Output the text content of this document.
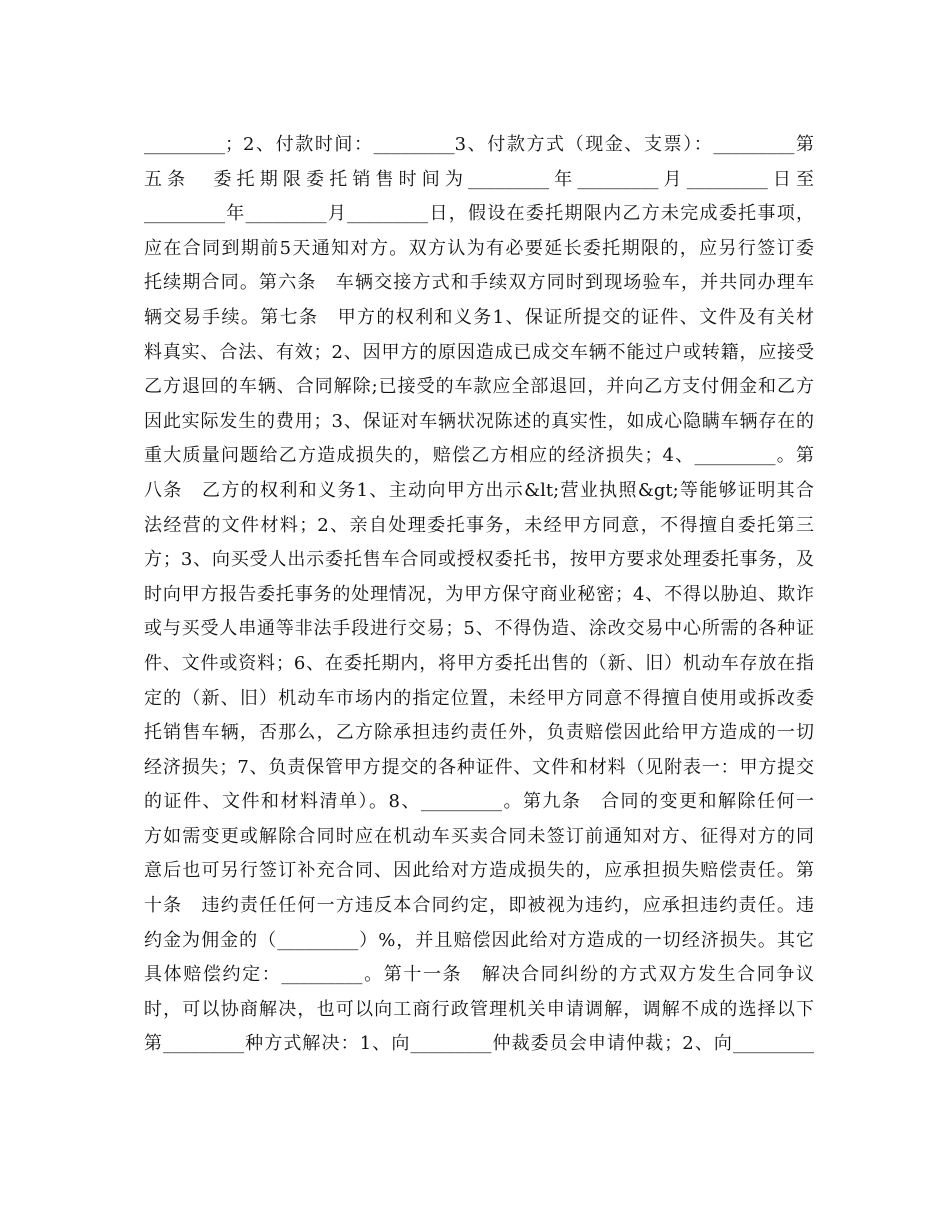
_________；2、付款时间：_________3、付款方式（现金、支票）：_________第
五条　委托期限委托销售时间为_________年_________月_________日至
_________年_________月_________日，假设在委托期限内乙方未完成委托事项，
应在合同到期前5天通知对方。双方认为有必要延长委托期限的，应另行签订委
托续期合同。第六条　车辆交接方式和手续双方同时到现场验车，并共同办理车
辆交易手续。第七条　甲方的权利和义务1、保证所提交的证件、文件及有关材
料真实、合法、有效；2、因甲方的原因造成已成交车辆不能过户或转籍，应接受
乙方退回的车辆、合同解除;已接受的车款应全部退回，并向乙方支付佣金和乙方
因此实际发生的费用；3、保证对车辆状况陈述的真实性，如成心隐瞒车辆存在的
重大质量问题给乙方造成损失的，赔偿乙方相应的经济损失；4、_________。第
八条　乙方的权利和义务1、主动向甲方出示&lt;营业执照&gt;等能够证明其合
法经营的文件材料；2、亲自处理委托事务，未经甲方同意，不得擅自委托第三
方；3、向买受人出示委托售车合同或授权委托书，按甲方要求处理委托事务，及
时向甲方报告委托事务的处理情况，为甲方保守商业秘密；4、不得以胁迫、欺诈
或与买受人串通等非法手段进行交易；5、不得伪造、涂改交易中心所需的各种证
件、文件或资料；6、在委托期内，将甲方委托出售的（新、旧）机动车存放在指
定的（新、旧）机动车市场内的指定位置，未经甲方同意不得擅自使用或拆改委
托销售车辆，否那么，乙方除承担违约责任外，负责赔偿因此给甲方造成的一切
经济损失；7、负责保管甲方提交的各种证件、文件和材料（见附表一：甲方提交
的证件、文件和材料清单）。8、_________。第九条　合同的变更和解除任何一
方如需变更或解除合同时应在机动车买卖合同未签订前通知对方、征得对方的同
意后也可另行签订补充合同、因此给对方造成损失的，应承担损失赔偿责任。第
十条　违约责任任何一方违反本合同约定，即被视为违约，应承担违约责任。违
约金为佣金的（_________）%，并且赔偿因此给对方造成的一切经济损失。其它
具体赔偿约定：_________。第十一条　解决合同纠纷的方式双方发生合同争议
时，可以协商解决，也可以向工商行政管理机关申请调解，调解不成的选择以下
第_________种方式解决：1、向_________仲裁委员会申请仲裁；2、向_________
